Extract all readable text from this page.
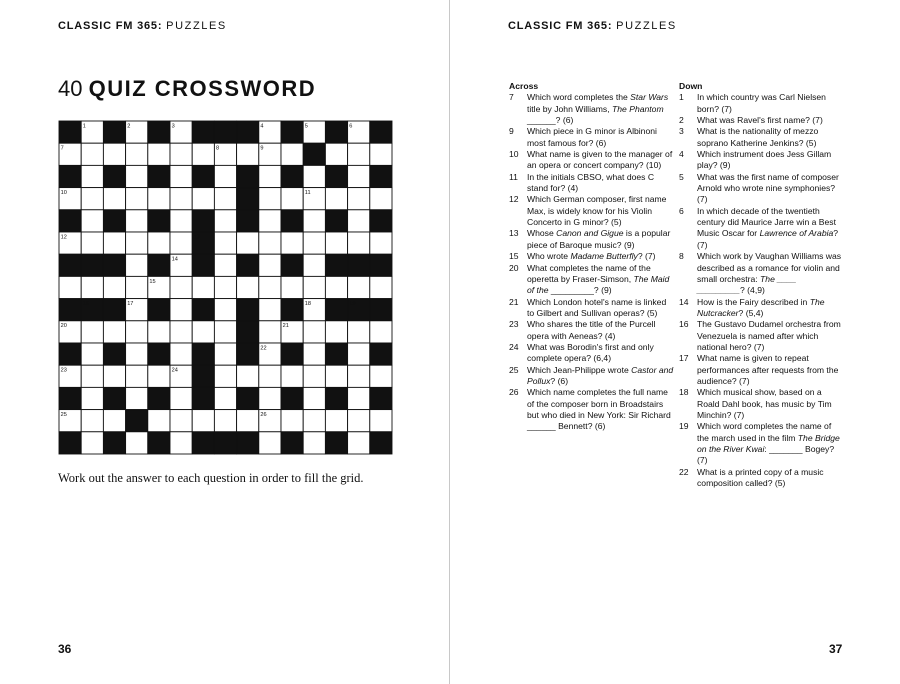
CLASSIC FM 365: PUZZLES
40 QUIZ CROSSWORD
1	2	3	4	5	6
7	8	9
10	11
12	13
14
15
16	17	18	19
20	21
22
23	24
25	26
Work out the answer to each question in order to fill the grid.
36
CLASSIC FM 365: PUZZLES
Across
7 Which word completes the Star Wars title by John Williams, The Phantom ______? (6)
9 Which piece in G minor is Albinoni most famous for? (6)
10 What name is given to the manager of an opera or concert company? (10)
11 In the initials CBSO, what does C stand for? (4)
12 Which German composer, first name Max, is widely know for his Violin Concerto in G minor? (5)
13 Whose Canon and Gigue is a popular piece of Baroque music? (9)
15 Who wrote Madame Butterfly? (7)
20 What completes the name of the operetta by Fraser-Simson, The Maid of the _________? (9)
21 Which London hotel's name is linked to Gilbert and Sullivan operas? (5)
23 Who shares the title of the Purcell opera with Aeneas? (4)
24 What was Borodin's first and only complete opera? (6,4)
25 Which Jean-Philippe wrote Castor and Pollux? (6)
26 Which name completes the full name of the composer born in Broadstairs but who died in New York: Sir Richard ______ Bennett? (6)
Down
1 In which country was Carl Nielsen born? (7)
2 What was Ravel's first name? (7)
3 What is the nationality of mezzo soprano Katherine Jenkins? (5)
4 Which instrument does Jess Gillam play? (9)
5 What was the first name of composer Arnold who wrote nine symphonies? (7)
6 In which decade of the twentieth century did Maurice Jarre win a Best Music Oscar for Lawrence of Arabia? (7)
8 Which work by Vaughan Williams was described as a romance for violin and small orchestra: The ____ _________? (4,9)
14 How is the Fairy described in The Nutcracker? (5,4)
16 The Gustavo Dudamel orchestra from Venezuela is named after which national hero? (7)
17 What name is given to repeat performances after requests from the audience? (7)
18 Which musical show, based on a Roald Dahl book, has music by Tim Minchin? (7)
19 Which word completes the name of the march used in the film The Bridge on the River Kwai: _______ Bogey? (7)
22 What is a printed copy of a music composition called? (5)
37
